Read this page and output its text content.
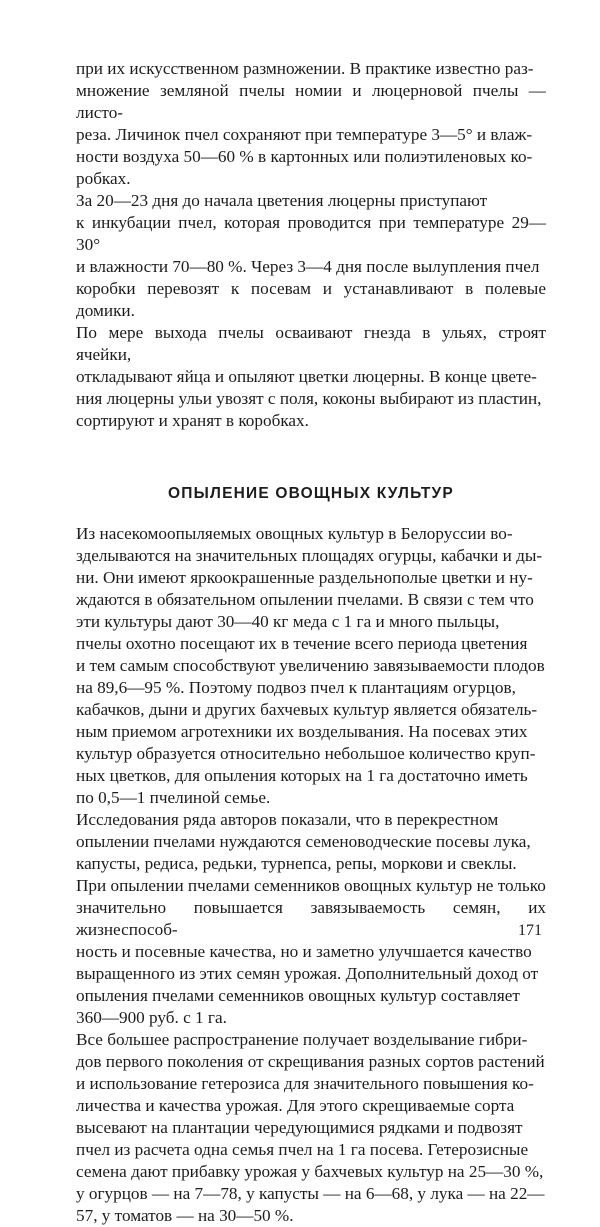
при их искусственном размножении. В практике известно раз-
множение земляной пчелы номии и люцерновой пчелы — листо-
реза. Личинок пчел сохраняют при температуре 3—5° и влаж-
ности воздуха 50—60 % в картонных или полиэтиленовых ко-
робках.

За 20—23 дня до начала цветения люцерны приступают
к инкубации пчел, которая проводится при температуре 29—30°
и влажности 70—80 %. Через 3—4 дня после вылупления пчел
коробки перевозят к посевам и устанавливают в полевые домики.
По мере выхода пчелы осваивают гнезда в ульях, строят ячейки,
откладывают яйца и опыляют цветки люцерны. В конце цвете-
ния люцерны ульи увозят с поля, коконы выбирают из пластин,
сортируют и хранят в коробках.

ОПЫЛЕНИЕ ОВОЩНЫХ КУЛЬТУР

Из насекомоопыляемых овощных культур в Белоруссии во-
зделываются на значительных площадях огурцы, кабачки и ды-
ни. Они имеют яркоокрашенные раздельнополые цветки и ну-
ждаются в обязательном опылении пчелами. В связи с тем что
эти культуры дают 30—40 кг меда с 1 га и много пыльцы,
пчелы охотно посещают их в течение всего периода цветения
и тем самым способствуют увеличению завязываемости плодов
на 89,6—95 %. Поэтому подвоз пчел к плантациям огурцов,
кабачков, дыни и других бахчевых культур является обязатель-
ным приемом агротехники их возделывания. На посевах этих
культур образуется относительно небольшое количество круп-
ных цветков, для опыления которых на 1 га достаточно иметь
по 0,5—1 пчелиной семье.

Исследования ряда авторов показали, что в перекрестном
опылении пчелами нуждаются семеноводческие посевы лука,
капусты, редиса, редьки, турнепса, репы, моркови и свеклы.
При опылении пчелами семенников овощных культур не только
значительно повышается завязываемость семян, их жизнеспособ-
ность и посевные качества, но и заметно улучшается качество
выращенного из этих семян урожая. Дополнительный доход от
опыления пчелами семенников овощных культур составляет
360—900 руб. с 1 га.

Все большее распространение получает возделывание гибри-
дов первого поколения от скрещивания разных сортов растений
и использование гетерозиса для значительного повышения ко-
личества и качества урожая. Для этого скрещиваемые сорта
высевают на плантации чередующимися рядками и подвозят
пчел из расчета одна семья пчел на 1 га посева. Гетерозисные
семена дают прибавку урожая у бахчевых культур на 25—30 %,
у огурцов — на 7—78, у капусты — на 6—68, у лука — на 22—
57, у томатов — на 30—50 %.

171
